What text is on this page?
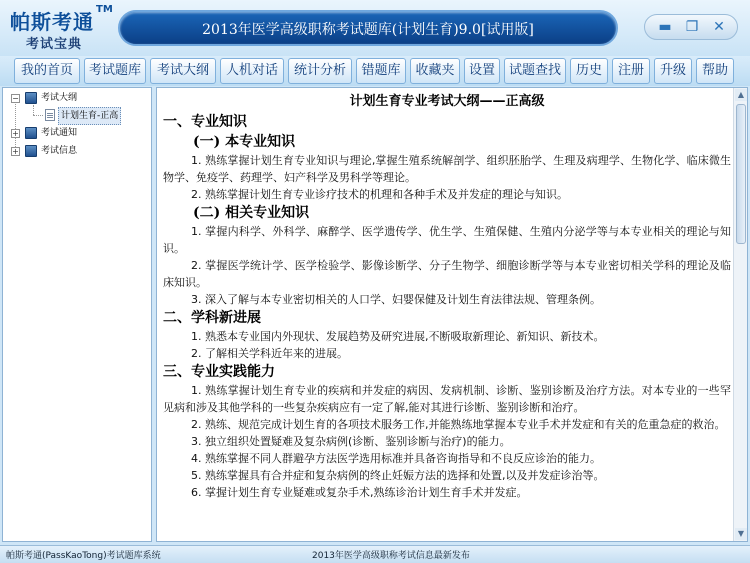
帕斯考通
TM
考试宝典
2013年医学高级职称考试题库(计划生育)9.0[试用版]	▬ ❐ ✕
我的首页	考试题库	考试大纲	人机对话	统计分析	错题库	收藏夹	设置	试题查找	历史	注册	升级	帮助
− 考试大纲
计划生育-正高
+ 考试通知
+ 考试信息
计划生育专业考试大纲——正高级
一、专业知识
(一) 本专业知识
1. 熟练掌握计划生育专业知识与理论,掌握生殖系统解剖学、组织胚胎学、生理及病理学、生物化学、临床微生物学、免疫学、药理学、妇产科学及男科学等理论。
2. 熟练掌握计划生育专业诊疗技术的机理和各种手术及并发症的理论与知识。
(二) 相关专业知识
1. 掌握内科学、外科学、麻醉学、医学遗传学、优生学、生殖保健、生殖内分泌学等与本专业相关的理论与知识。
2. 掌握医学统计学、医学检验学、影像诊断学、分子生物学、细胞诊断学等与本专业密切相关学科的理论及临床知识。
3. 深入了解与本专业密切相关的人口学、妇婴保健及计划生育法律法规、管理条例。
二、学科新进展
1. 熟悉本专业国内外现状、发展趋势及研究进展,不断吸取新理论、新知识、新技术。
2. 了解相关学科近年来的进展。
三、专业实践能力
1. 熟练掌握计划生育专业的疾病和并发症的病因、发病机制、诊断、鉴别诊断及治疗方法。对本专业的一些罕见病和涉及其他学科的一些复杂疾病应有一定了解,能对其进行诊断、鉴别诊断和治疗。
2. 熟练、规范完成计划生育的各项技术服务工作,并能熟练地掌握本专业手术并发症和有关的危重急症的救治。
3. 独立组织处置疑难及复杂病例(诊断、鉴别诊断与治疗)的能力。
4. 熟练掌握不同人群避孕方法医学选用标准并具备咨询指导和不良反应诊治的能力。
5. 熟练掌握具有合并症和复杂病例的终止妊娠方法的选择和处置,以及并发症诊治等。
6. 掌握计划生育专业疑难或复杂手术,熟练诊治计划生育手术并发症。
▲
▼
帕斯考通(PassKaoTong)考试题库系统	2013年医学高级职称考试信息最新发布
